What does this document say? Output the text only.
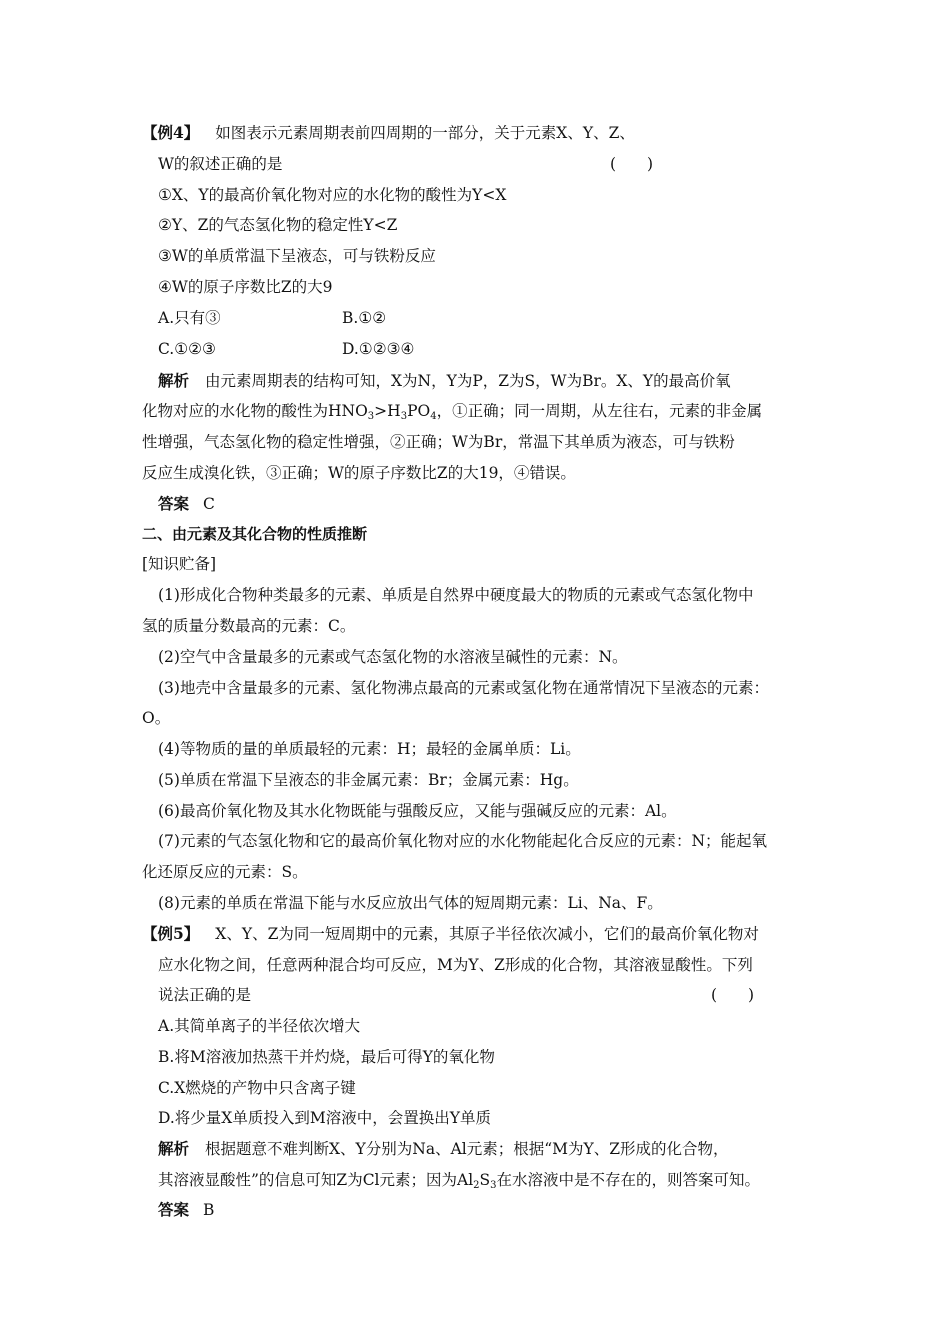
【例4】 如图表示元素周期表前四周期的一部分，关于元素X、Y、Z、
W的叙述正确的是	(　　)
①X、Y的最高价氧化物对应的水化物的酸性为Y<X
②Y、Z的气态氢化物的稳定性Y<Z
③W的单质常温下呈液态，可与铁粉反应
④W的原子序数比Z的大9
A.只有③	B.①②
C.①②③	D.①②③④
解析 由元素周期表的结构可知，X为N，Y为P，Z为S，W为Br。X、Y的最高价氧
化物对应的水化物的酸性为$HNO_3>H_3PO_4$，①正确；同一周期，从左往右，元素的非金属
性增强，气态氢化物的稳定性增强，②正确；W为Br，常温下其单质为液态，可与铁粉
反应生成溴化铁，③正确；W的原子序数比Z的大19，④错误。
答案 C
二、由元素及其化合物的性质推断
[知识贮备]
(1)形成化合物种类最多的元素、单质是自然界中硬度最大的物质的元素或气态氢化物中
氢的质量分数最高的元素：C。
(2)空气中含量最多的元素或气态氢化物的水溶液呈碱性的元素：N。
(3)地壳中含量最多的元素、氢化物沸点最高的元素或氢化物在通常情况下呈液态的元素：
O。
(4)等物质的量的单质最轻的元素：H；最轻的金属单质：Li。
(5)单质在常温下呈液态的非金属元素：Br；金属元素：Hg。
(6)最高价氧化物及其水化物既能与强酸反应，又能与强碱反应的元素：Al。
(7)元素的气态氢化物和它的最高价氧化物对应的水化物能起化合反应的元素：N；能起氧
化还原反应的元素：S。
(8)元素的单质在常温下能与水反应放出气体的短周期元素：Li、Na、F。
【例5】 X、Y、Z为同一短周期中的元素，其原子半径依次减小，它们的最高价氧化物对
应水化物之间，任意两种混合均可反应，M为Y、Z形成的化合物，其溶液显酸性。下列
说法正确的是	(　　)
A.其简单离子的半径依次增大
B.将M溶液加热蒸干并灼烧，最后可得Y的氧化物
C.X燃烧的产物中只含离子键
D.将少量X单质投入到M溶液中，会置换出Y单质
解析 根据题意不难判断X、Y分别为Na、Al元素；根据“M为Y、Z形成的化合物，
其溶液显酸性”的信息可知Z为Cl元素；因为$Al_2S_3$在水溶液中是不存在的，则答案可知。
答案 B
